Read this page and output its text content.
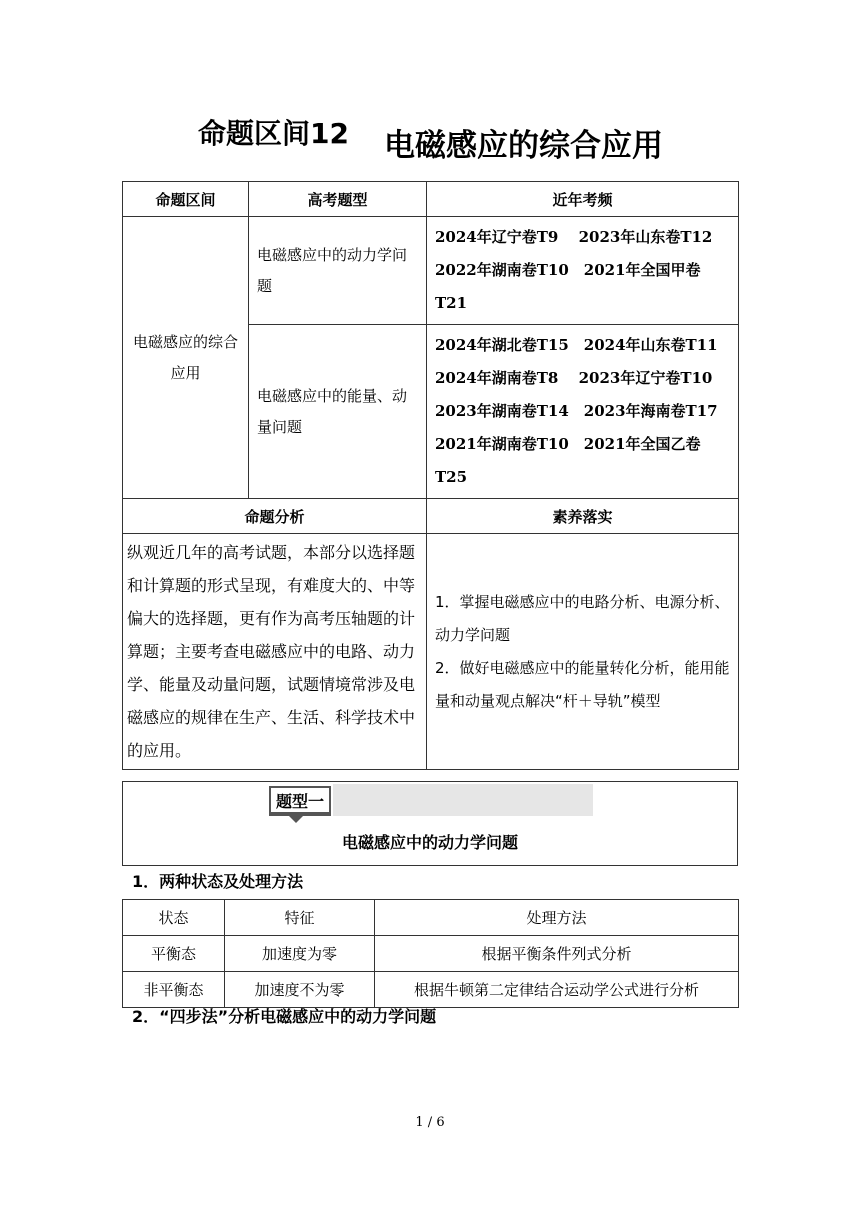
命题区间12 电磁感应的综合应用
命题区间	高考题型	近年考频
电磁感应的综合应用	电磁感应中的动力学问题	2024年辽宁卷T9　 2023年山东卷T12
2022年湖南卷T10　2021年全国甲卷
T21

	电磁感应中的能量、动量问题	2024年湖北卷T15　2024年山东卷T11
2024年湖南卷T8　 2023年辽宁卷T10
2023年湖南卷T14　2023年海南卷T17
2021年湖南卷T10　2021年全国乙卷
T25

命题分析		素养落实
纵观近几年的高考试题，本部分以选择题和计算题的形式呈现，有难度大的、中等偏大的选择题，更有作为高考压轴题的计算题；主要考查电磁感应中的电路、动力学、能量及动量问题，试题情境常涉及电磁感应的规律在生产、生活、科学技术中的应用。		1．掌握电磁感应中的电路分析、电源分析、动力学问题
2．做好电磁感应中的能量转化分析，能用能量和动量观点解决“杆＋导轨”模型
题型一
电磁感应中的动力学问题
1．两种状态及处理方法
状态	特征	处理方法
平衡态	加速度为零	根据平衡条件列式分析
非平衡态	加速度不为零	根据牛顿第二定律结合运动学公式进行分析
2．“四步法”分析电磁感应中的动力学问题
1 / 6
